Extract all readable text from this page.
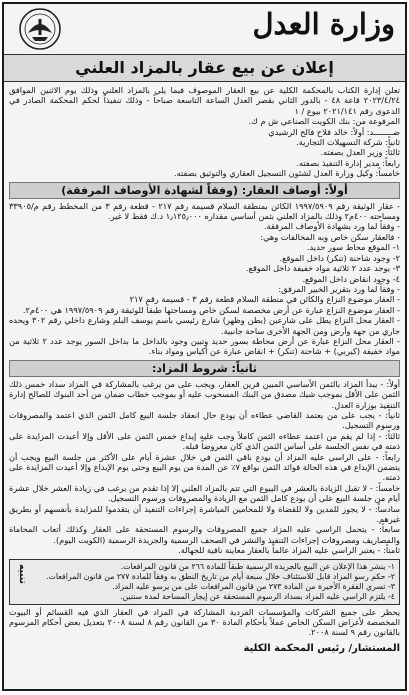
وزارة العدل
إعلان عن بيع عقار بالمزاد العلني

تعلن إدارة الكتاب بالمحكمة الكلية عن بيع العقار الموصوف فيما يلي بالمزاد العلني وذلك يوم الاثنين الموافق ٢٠٢٣/٤/٢٤ قاعة ٤٨ - بالدور الثاني بقصر العدل الساعة التاسعة صباحاً - وذلك تنفيذاً لحكم المحكمة الصادر في الدعوى رقم ٢٠٢١/١٤١ بيوع / ١

المرفوعة من: بنك الكويت الصناعي ش م ك.

ضــــــــد: أولاً: خالد فلاح فالح الرشيدي

ثانياً: شركة التسهيلات التجارية.

ثالثاً: وزير العدل بصفته.

رابعاً: مدير إدارة التنفيذ بصفته.

خامساً: وكيل وزارة العدل لشئون التسجيل العقاري والتوثيق بصفته.

أولاً: أوصاف العقار: (وفقاً لشهادة الأوصاف المرفقة)

- عقار الوثيقة رقم ١٩٩٧/٥٩٠٩ الكائن بمنطقة السلام قسيمة رقم ٢١٧ - قطعة رقم ٣ من المخطط رقم م/٣٣٩٠٥ ومساحته ٤٠٠م٢ وذلك بالمزاد العلني بثمن أساسي مقداره ١٫١٢٥٫٠٠٠ د.ك فقط لا غير.

- وفقاً لما ورد بشهادة الأوصاف المرفقة.

- فالعقار سكن خاص وبه المخالفات وهي:

١- الموقع محاط سور حديد.

٢- وجود شاحنة (تنكر) داخل الموقع.

٣- يوجد عدد ٢ ثلاثية مواد خفيفة داخل الموقع.

٤- وجود انقاض داخل الموقع.

- وفقاً لما ورد بتقرير الخبير المرفق:

- العقار موضوع النزاع والكائن في منطقة السلام قطعة رقم ٣ - قسيمة رقم ٢١٧

- العقار موضوع النزاع عبارة عن أرض مخصصة لسكن خاص ومساحتها طبقاً للوثيقة رقم ١٩٩٧/٥٩٠٩ هي ٤٠٠م٢.

- العقار محل النزاع يطل على شارعين (بطن وظهر) شارع رئيسي باسم يوسف البلم وشارع داخلي رقم ٣٠٢ ويحده جاري من جهة وأرض ومن الجهة الأخرى ساحة جانبية.

- العقار محل النزاع عبارة عن أرض محاطة بسور حديد وتبين وجود بالداخل ما بداخل السور يوجد عدد ٢ ثلاثية من مواد خفيفة (كيربي) + شاحنة (تنكر) + انقاض عبارة عن أكياس ومواد بناء.

ثانياً: شروط المزاد:

أولاً: - يبدأ المزاد بالثمن الأساسي المبين قرين العقار، ويجب على من يرغب بالمشاركة في المزاد سداد خمس ذلك الثمن على الأقل بموجب شيك مصدق من البنك المسحوب عليه أو بموجب خطاب ضمان من أحد البنوك للصالح إدارة التنفيذ بوزارة العدل.

ثانياً: - يجب على من يعتمد القاضي عطاءه أن يودع حال انعقاد جلسة البيع كامل الثمن الذي اعتمد والمصروفات ورسوم التسجيل.

ثالثاً: - إذا لم يقم من اعتمد عطاءه الثمن كاملاً وجب عليه إيداع خمس الثمن على الأقل وإلا أعيدت المزايدة على ذمته في نفس الجلسة على أساس الثمن الذي كان معروضاً قبله.

رابعاً: - على الراسي عليه المزاد أن يودع باقي الثمن في خلال عشرة أيام على الأكثر من جلسة البيع ويجب أن يتضمن الإيداع في هذه الحالة فوائد الثمن بواقع ٧٪ عن المدة من يوم البيع وحتى يوم الإيداع وإلا أعيدت المزايدة على ذمته.

خامساً: - لا تقبل الزيادة بالعشر في البيوع التي تتم بالمزاد العلني إلا إذا تقدم من يرغب في زيادة العشر خلال عشرة أيام من جلسة البيع على أن يودع كامل الثمن مع الزيادة والمصروفات ورسوم التسجيل.

سادساً: - لا يجوز للمدين ولا للقضاة ولا للمحامين المباشرة إجراءات التنفيذ أن يتقدموا للمزايدة بأنفسهم أو بطريق غيرهم.

سابعاً: - يتحمل الراسي عليه المزاد جميع المصروفات والرسوم المستحقة على العقار وكذلك أتعاب المحاماة والمصاريف ومصروفات إجراءات التنفيذ والنشر في الصحف الرسمية والجريدة الرسمية (الكويت اليوم).

ثامناً: - يعتبر الراسي عليه المزاد عالماً بالعقار معاينة نافية للجهالة.

تنبيه	١- ينشر هذا الإعلان عن البيع بالجريدة الرسمية طبقاً للمادة ٢٦٦ من قانون المرافعات.

٢- حكم رسو المزاد قابل للاستئناف خلال سبعة أيام من تاريخ النطق به وفقاً للمادة ٢٧٧ من قانون المرافعات.

٣- تسري الفقرة الأخيرة من المادة ٢٧٣ من قانون المرافعات على من يرسو عليه المزاد.

٤- يلتزم الراسي عليه المزاد بسداد الرسوم المستحقة عن إيجار المساحة لمدة سنتين.

يحظر على جميع الشركات والمؤسسات الفردية المشاركة في المزاد في العقار الذي فيه القسائم أو البيوت المخصصة لأغراض السكن الخاص عملاً بأحكام المادة ٣٠ من القانون رقم ٨ لسنة ٢٠٠٨ بتعديل بعض أحكام المرسوم بالقانون رقم ٩ لسنة ٢٠٠٨.

المستشار/ رئيس المحكمة الكلية
